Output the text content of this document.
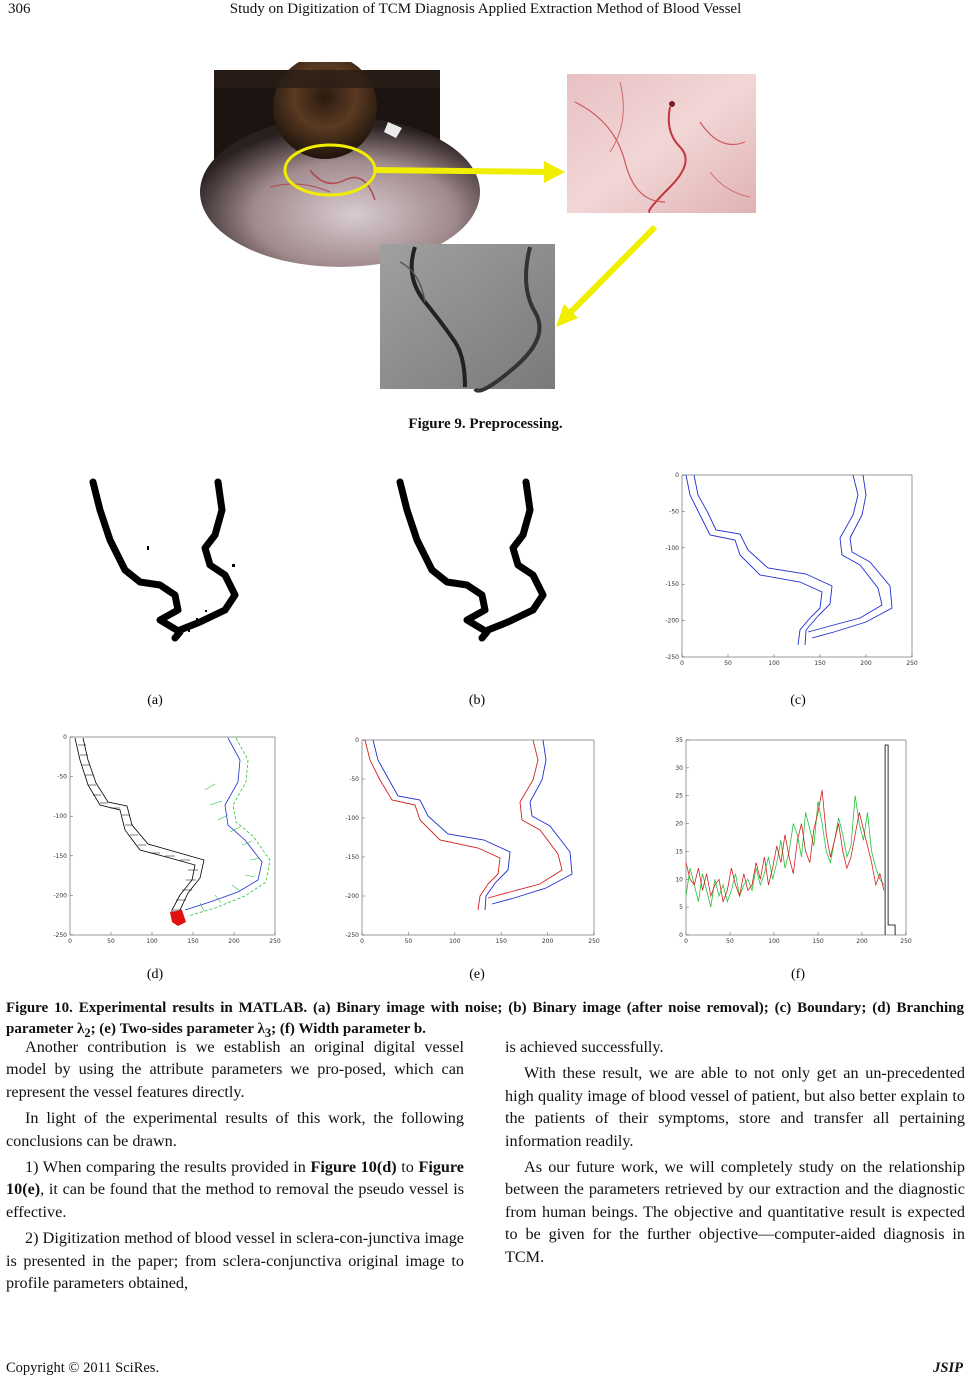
306	Study on Digitization of TCM Diagnosis Applied Extraction Method of Blood Vessel
Figure 9. Preprocessing.
0	50	100	150	200	250
0
-50
-100
-150
-200
-250
0	50	100	150	200	250
0
-50
-100
-150
-200
-250
0	50	100	150	200	250
0
-50
-100
-150
-200
-250
0	50	100	150	200	250
35
30
25
20
15
10
5
0
(a)	(b)	(c)
(d)	(e)	(f)
Figure 10. Experimental results in MATLAB. (a) Binary image with noise; (b) Binary image (after noise removal); (c) Boundary; (d) Branching parameter $\lambda_2$; (e) Two-sides parameter $\lambda_3$; (f) Width parameter b.

Another contribution is we establish an original digital vessel model by using the attribute parameters we pro-posed, which can represent the vessel features directly.

In light of the experimental results of this work, the following conclusions can be drawn.

1) When comparing the results provided in Figure 10(d) to Figure 10(e), it can be found that the method to removal the pseudo vessel is effective.

2) Digitization method of blood vessel in sclera-con-junctiva image is presented in the paper; from sclera-conjunctiva original image to profile parameters obtained,

is achieved successfully.

With these result, we are able to not only get an un-precedented high quality image of blood vessel of patient, but also better explain to the patients of their symptoms, store and transfer all pertaining information readily.

As our future work, we will completely study on the relationship between the parameters retrieved by our extraction and the diagnostic from human beings. The objective and quantitative result is expected to be given for the further objective—computer-aided diagnosis in TCM.

Copyright © 2011 SciRes.	JSIP
